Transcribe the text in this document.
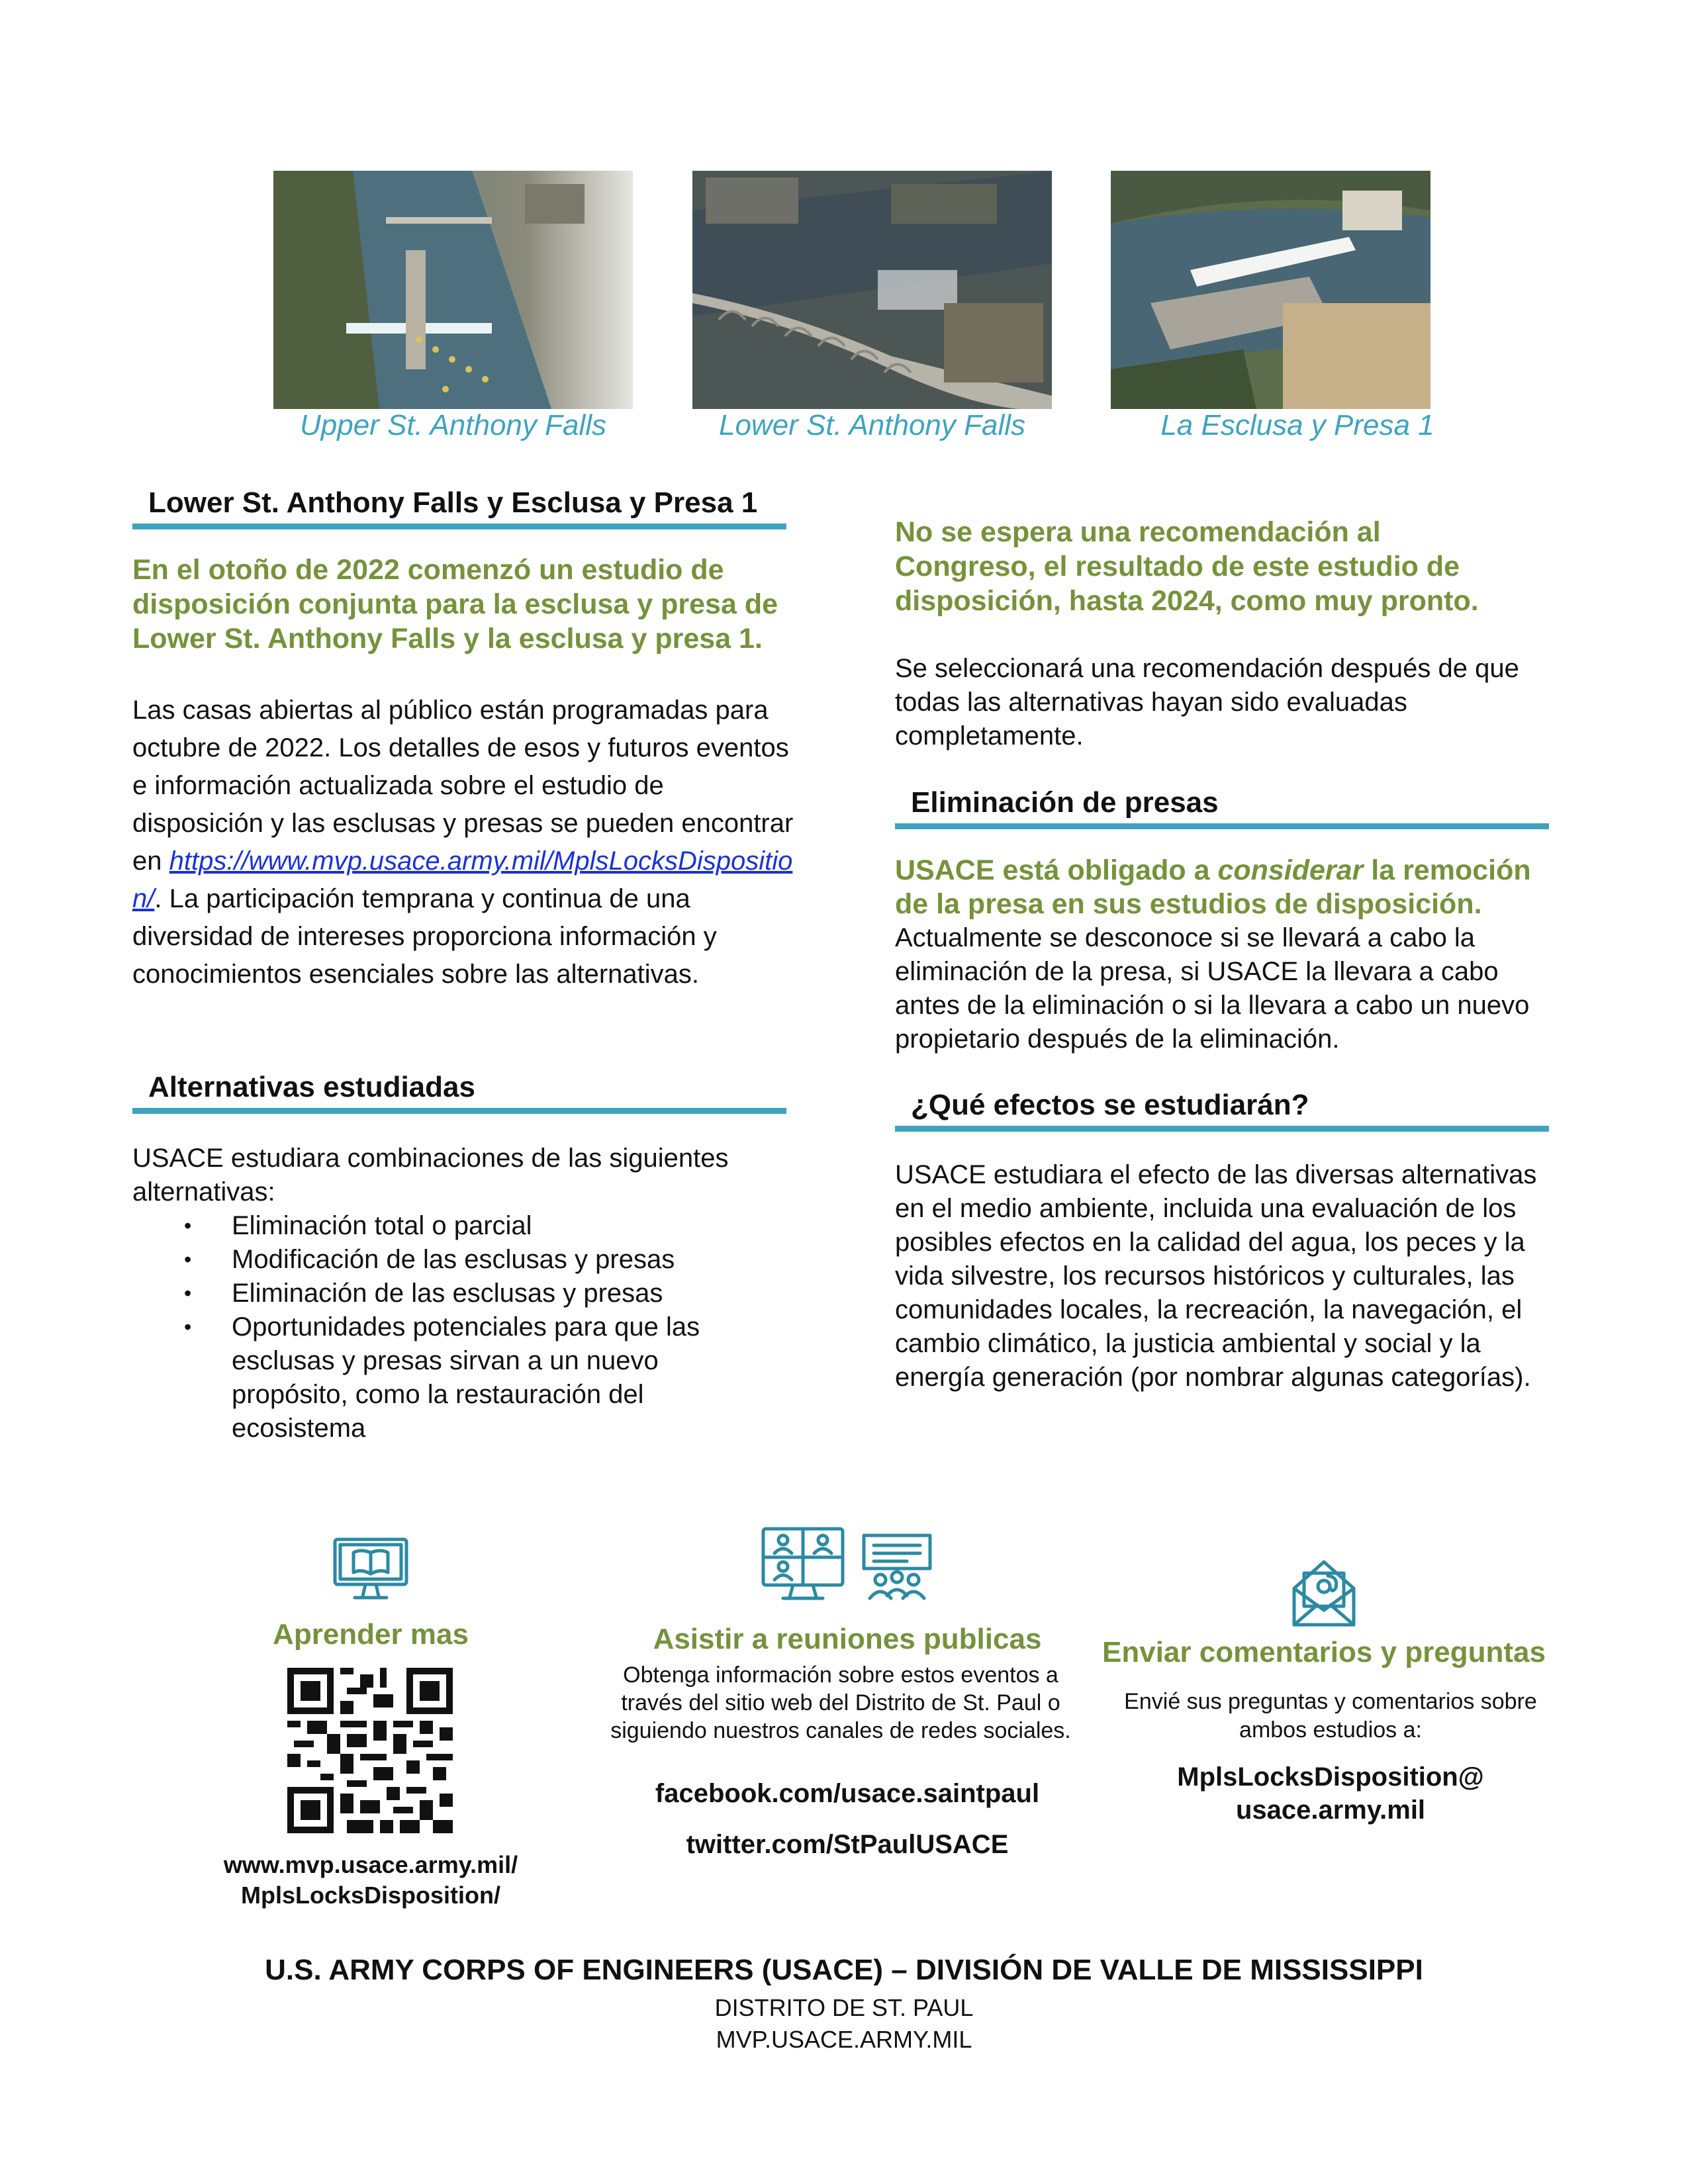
Upper St. Anthony Falls	Lower St. Anthony Falls	La Esclusa y Presa 1
Lower St. Anthony Falls y Esclusa y Presa 1
En el otoño de 2022 comenzó un estudio de disposición conjunta para la esclusa y presa de Lower St. Anthony Falls y la esclusa y presa 1.
Las casas abiertas al público están programadas para octubre de 2022. Los detalles de esos y futuros eventos e información actualizada sobre el estudio de disposición y las esclusas y presas se pueden encontrar en https://www.mvp.usace.army.mil/MplsLocksDisposition/. La participación temprana y continua de una diversidad de intereses proporciona información y conocimientos esenciales sobre las alternativas.
Alternativas estudiadas
USACE estudiara combinaciones de las siguientes alternativas:
• Eliminación total o parcial
• Modificación de las esclusas y presas
• Eliminación de las esclusas y presas
• Oportunidades potenciales para que las esclusas y presas sirvan a un nuevo propósito, como la restauración del ecosistema
No se espera una recomendación al Congreso, el resultado de este estudio de disposición, hasta 2024, como muy pronto.
Se seleccionará una recomendación después de que todas las alternativas hayan sido evaluadas completamente.
Eliminación de presas
USACE está obligado a considerar la remoción de la presa en sus estudios de disposición.
Actualmente se desconoce si se llevará a cabo la eliminación de la presa, si USACE la llevara a cabo antes de la eliminación o si la llevara a cabo un nuevo propietario después de la eliminación.
¿Qué efectos se estudiarán?
USACE estudiara el efecto de las diversas alternativas en el medio ambiente, incluida una evaluación de los posibles efectos en la calidad del agua, los peces y la vida silvestre, los recursos históricos y culturales, las comunidades locales, la recreación, la navegación, el cambio climático, la justicia ambiental y social y la energía generación (por nombrar algunas categorías).
Aprender mas
www.mvp.usace.army.mil/
MplsLocksDisposition/
Asistir a reuniones publicas
Obtenga información sobre estos eventos a través del sitio web del Distrito de St. Paul o siguiendo nuestros canales de redes sociales.
facebook.com/usace.saintpaul
twitter.com/StPaulUSACE
Enviar comentarios y preguntas
Envié sus preguntas y comentarios sobre ambos estudios a:
MplsLocksDisposition@
usace.army.mil
U.S. ARMY CORPS OF ENGINEERS (USACE) – DIVISIÓN DE VALLE DE MISSISSIPPI
DISTRITO DE ST. PAUL
MVP.USACE.ARMY.MIL
